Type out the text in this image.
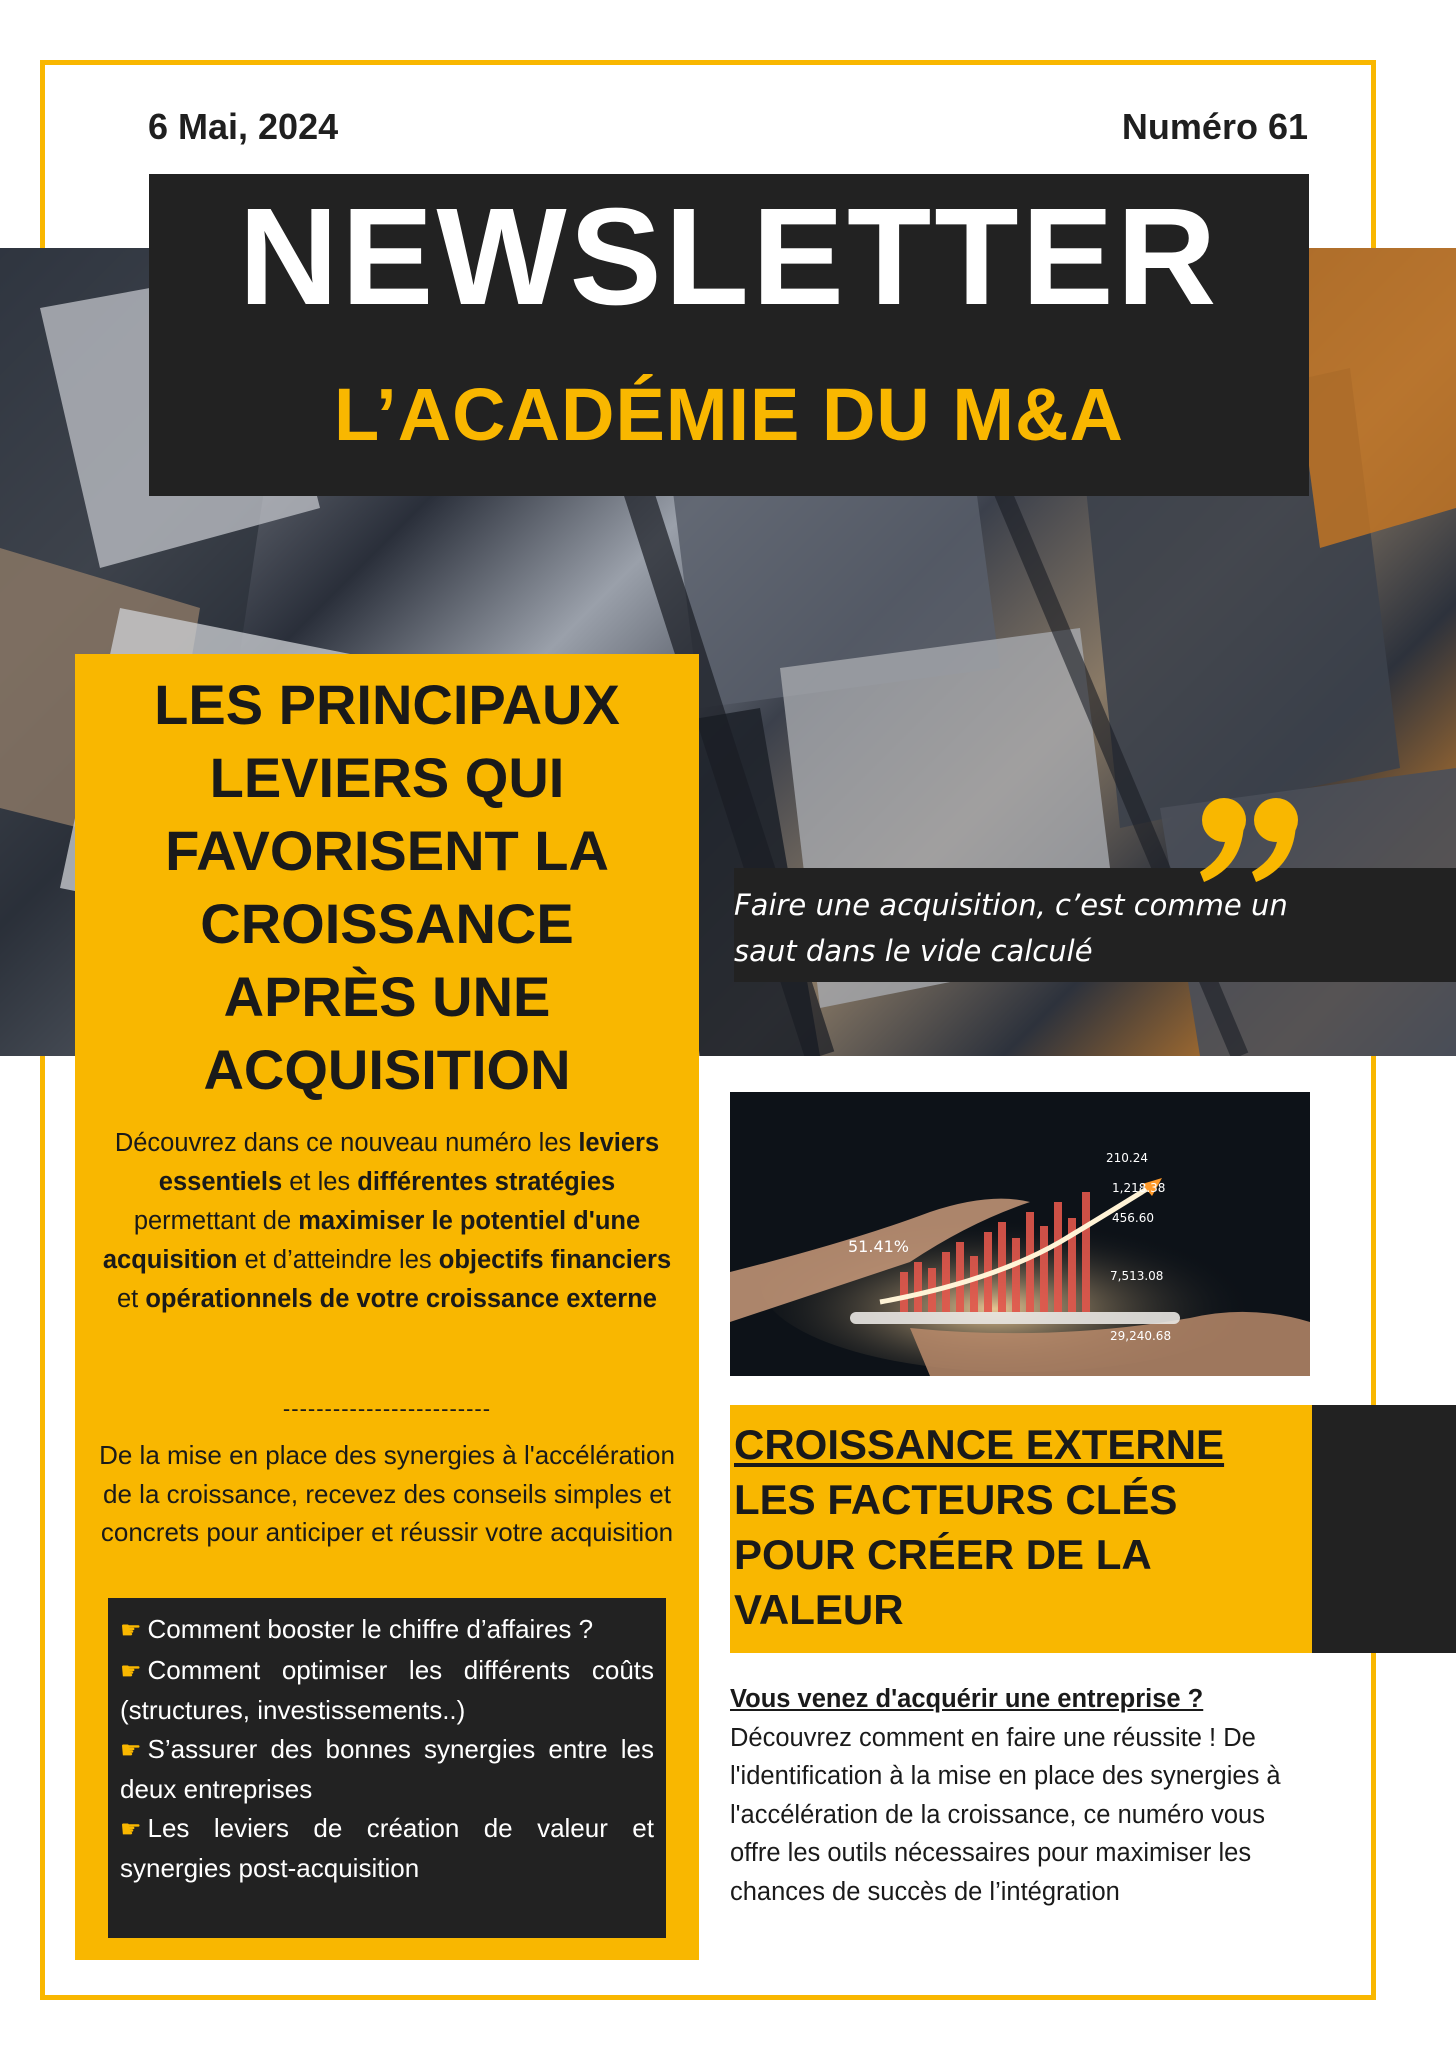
6 Mai, 2024	Numéro 61
NEWSLETTER
L’ACADÉMIE DU M&A
Faire une acquisition, c’est comme un saut dans le vide calculé
LES PRINCIPAUX
LEVIERS QUI
FAVORISENT LA
CROISSANCE
APRÈS UNE
ACQUISITION
Découvrez dans ce nouveau numéro les leviers essentiels et les différentes stratégies permettant de maximiser le potentiel d'une acquisition et d’atteindre les objectifs financiers et opérationnels de votre croissance externe
-------------------------
De la mise en place des synergies à l'accélération de la croissance, recevez des conseils simples et concrets pour anticiper et réussir votre acquisition
☛ Comment booster le chiffre d’affaires ?
☛ Comment optimiser les différents coûts (structures, investissements..)
☛ S’assurer des bonnes synergies entre les deux entreprises
☛ Les leviers de création de valeur et synergies post-acquisition
210.24
1,218.38
456.60
51.41%
7,513.08
29,240.68
CROISSANCE EXTERNE
LES FACTEURS CLÉS
POUR CRÉER DE LA
VALEUR
Vous venez d'acquérir une entreprise ?
Découvrez comment en faire une réussite ! De l'identification à la mise en place des synergies à l'accélération de la croissance, ce numéro vous offre les outils nécessaires pour maximiser les chances de succès de l’intégration
